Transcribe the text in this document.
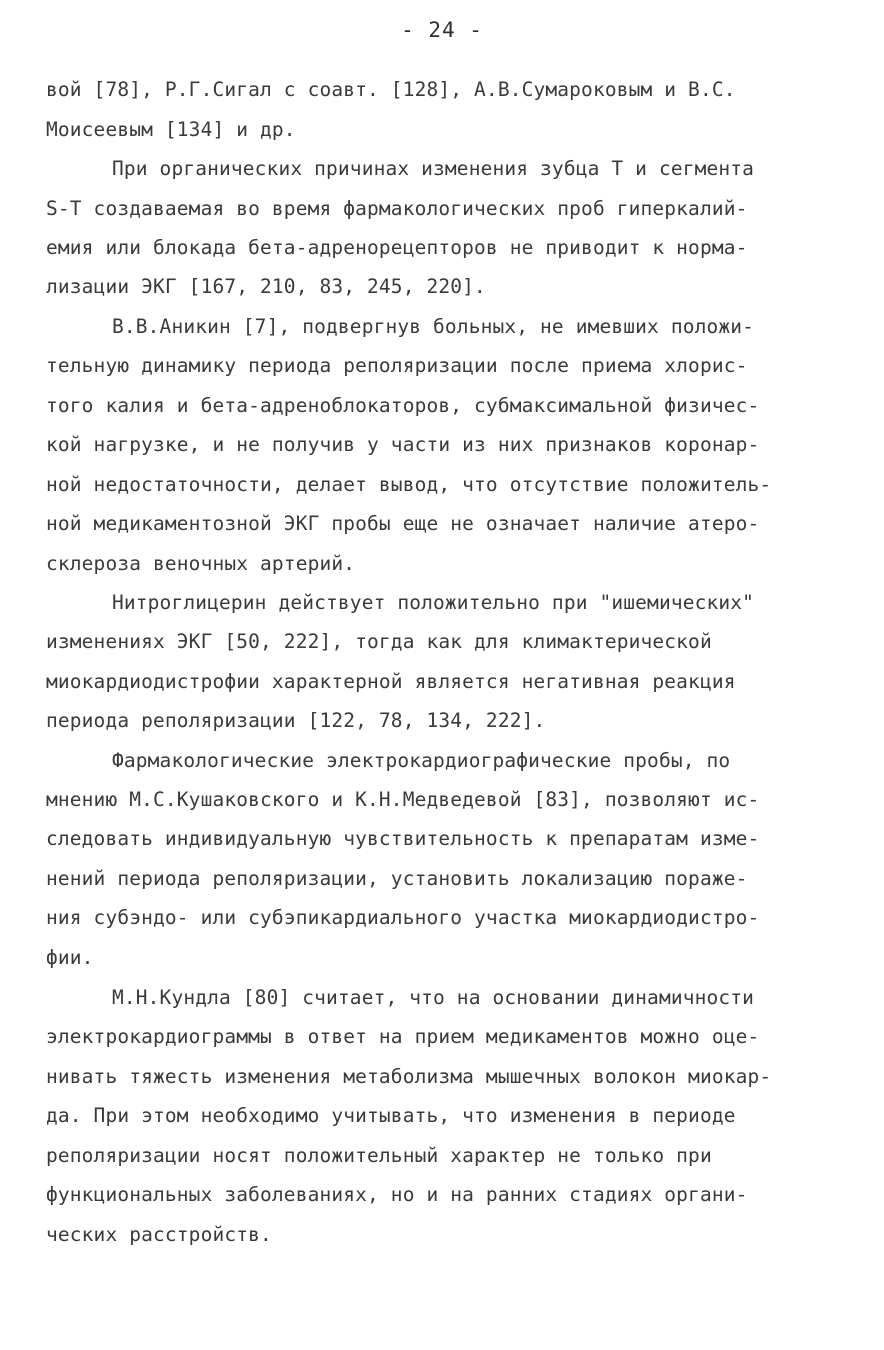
- 24 -
вой [78], Р.Г.Сигал с соавт. [128], А.В.Сумароковым и В.С.
Моисеевым [134] и др.
При органических причинах изменения зубца Т и сегмента
S-T создаваемая во время фармакологических проб гиперкалий-
емия или блокада бета-адренорецепторов не приводит к норма-
лизации ЭКГ [167, 210, 83, 245, 220].
В.В.Аникин [7], подвергнув больных, не имевших положи-
тельную динамику периода реполяризации после приема хлорис-
того калия и бета-адреноблокаторов, субмаксимальной физичес-
кой нагрузке, и не получив у части из них признаков коронар-
ной недостаточности, делает вывод, что отсутствие положитель-
ной медикаментозной ЭКГ пробы еще не означает наличие атеро-
склероза веночных артерий.
Нитроглицерин действует положительно при "ишемических"
изменениях ЭКГ [50, 222], тогда как для климактерической
миокардиодистрофии характерной является негативная реакция
периода реполяризации [122, 78, 134, 222].
Фармакологические электрокардиографические пробы, по
мнению М.С.Кушаковского и К.Н.Медведевой [83], позволяют ис-
следовать индивидуальную чувствительность к препаратам изме-
нений периода реполяризации, установить локализацию пораже-
ния субэндо- или субэпикардиального участка миокардиодистро-
фии.
М.Н.Кундла [80] считает, что на основании динамичности
электрокардиограммы в ответ на прием медикаментов можно оце-
нивать тяжесть изменения метаболизма мышечных волокон миокар-
да. При этом необходимо учитывать, что изменения в периоде
реполяризации носят положительный характер не только при
функциональных заболеваниях, но и на ранних стадиях органи-
ческих расстройств.
